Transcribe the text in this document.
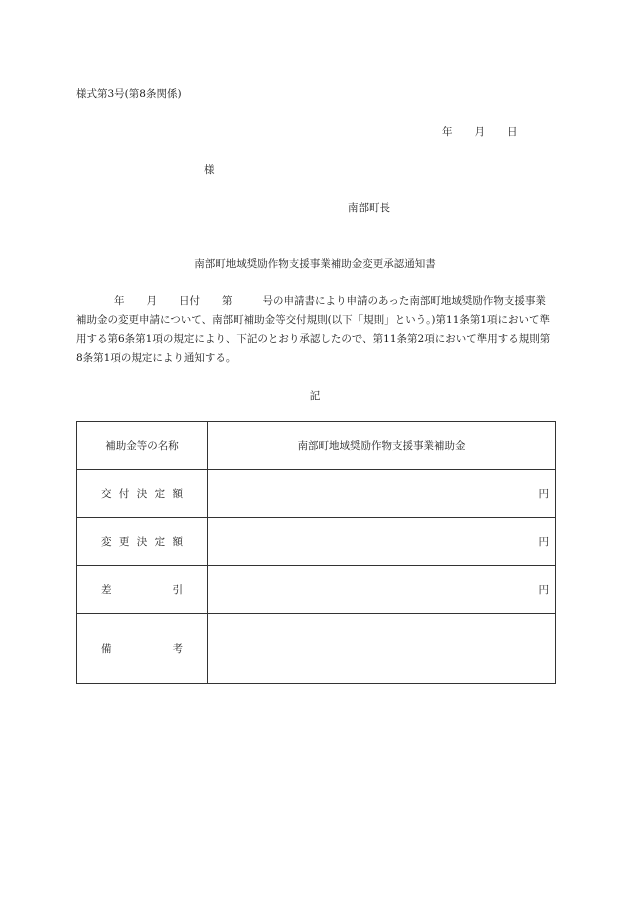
様式第3号(第8条関係)
年 月 日
様
南部町長
南部町地域奨励作物支援事業補助金変更承認通知書
年 月 日付 第	号の申請書により申請のあった南部町地域奨励作物支援事業補助金の変更申請について、南部町補助金等交付規則(以下「規則」という。)第11条第1項において準用する第6条第1項の規定により、下記のとおり承認したので、第11条第2項において準用する規則第8条第1項の規定により通知する。
記
補助金等の名称	南部町地域奨励作物支援事業補助金

交 付 決 定 額	円

変 更 決 定 額	円

差 引	円

備 考	
